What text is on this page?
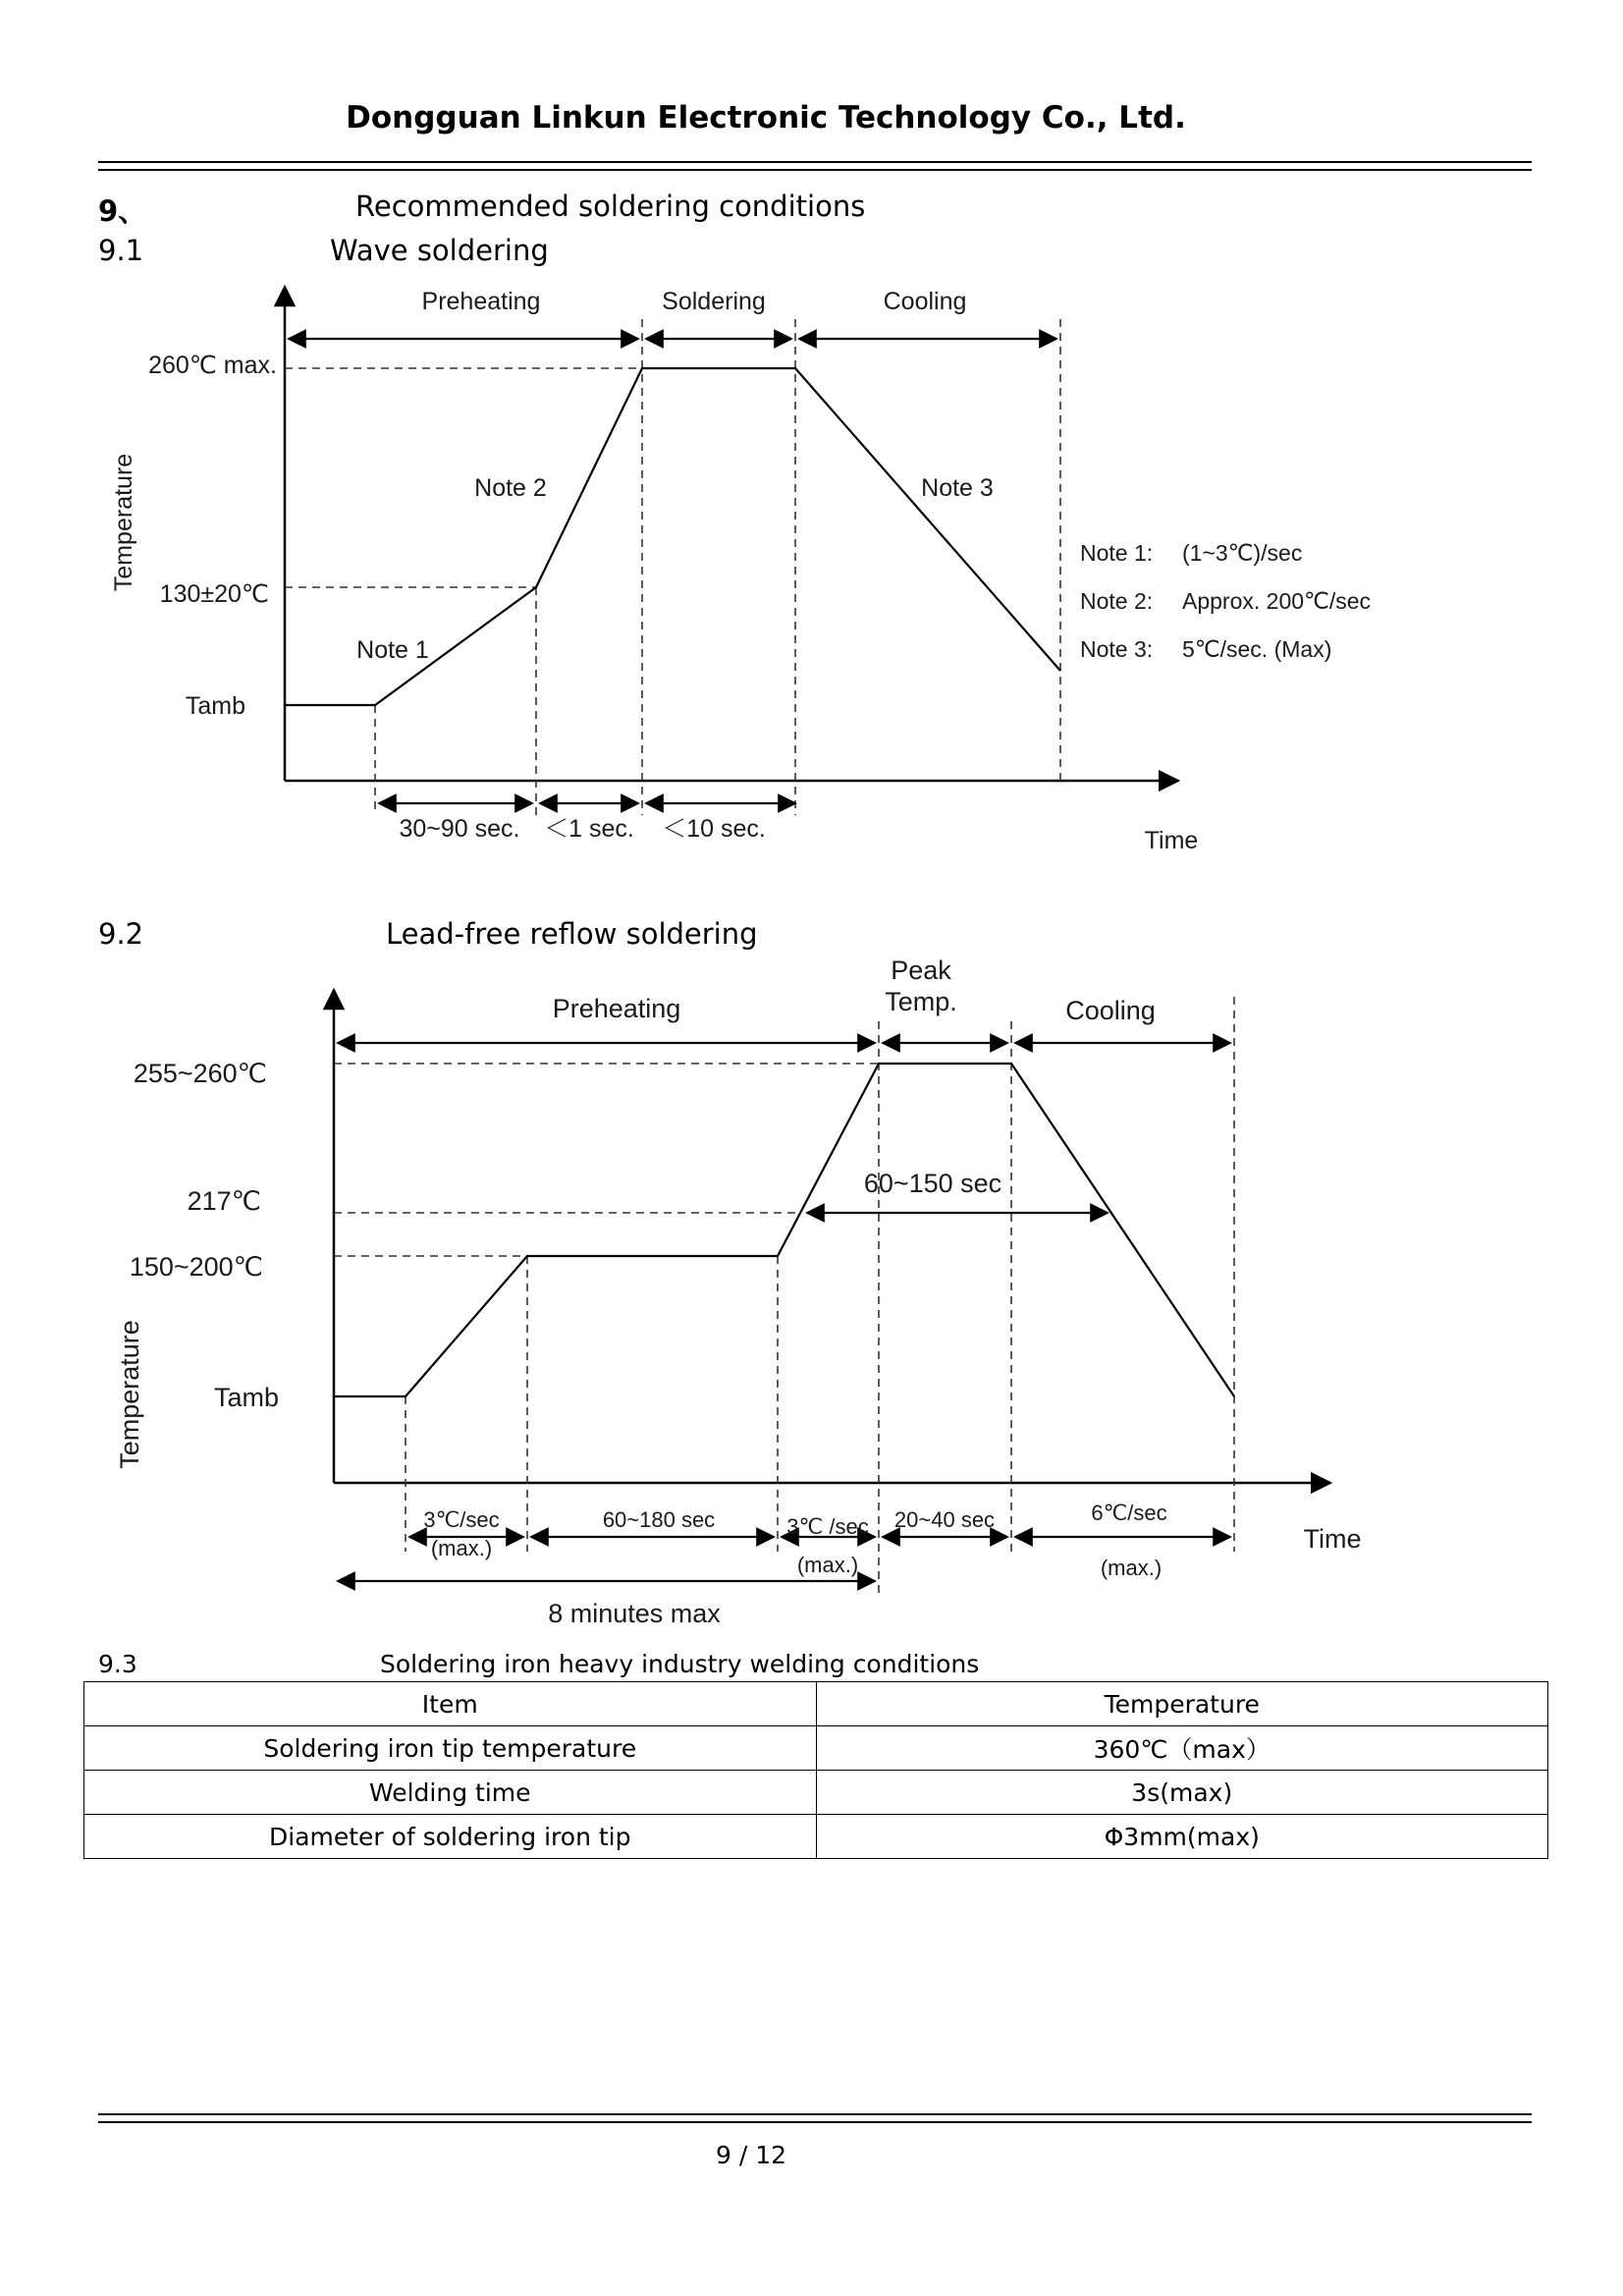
Dongguan Linkun Electronic Technology Co., Ltd.
9、	Recommended soldering conditions
9.1	Wave soldering
Preheating	Soldering	Cooling
260℃ max.
130±20℃
Tamb
Temperature
Time
Note 1
Note 2	Note 3
30~90 sec. ＜1 sec. ＜10 sec.
Note 1: (1~3℃)/sec
Note 2: Approx. 200℃/sec
Note 3: 5℃/sec. (Max)
9.2	Lead-free reflow soldering
Preheating
Peak
Temp.	Cooling
255~260℃
217℃
150~200℃
Tamb
Temperature
Time
60~150 sec
8 minutes max
3℃/sec
(max.)
60~180 sec	3℃ /sec
(max.)
20~40 sec	6℃/sec
(max.)
9.3	Soldering iron heavy industry welding conditions
Item	Temperature
Soldering iron tip temperature	360℃（max）
Welding time	3s(max)
Diameter of soldering iron tip	Φ3mm(max)
9 / 12
